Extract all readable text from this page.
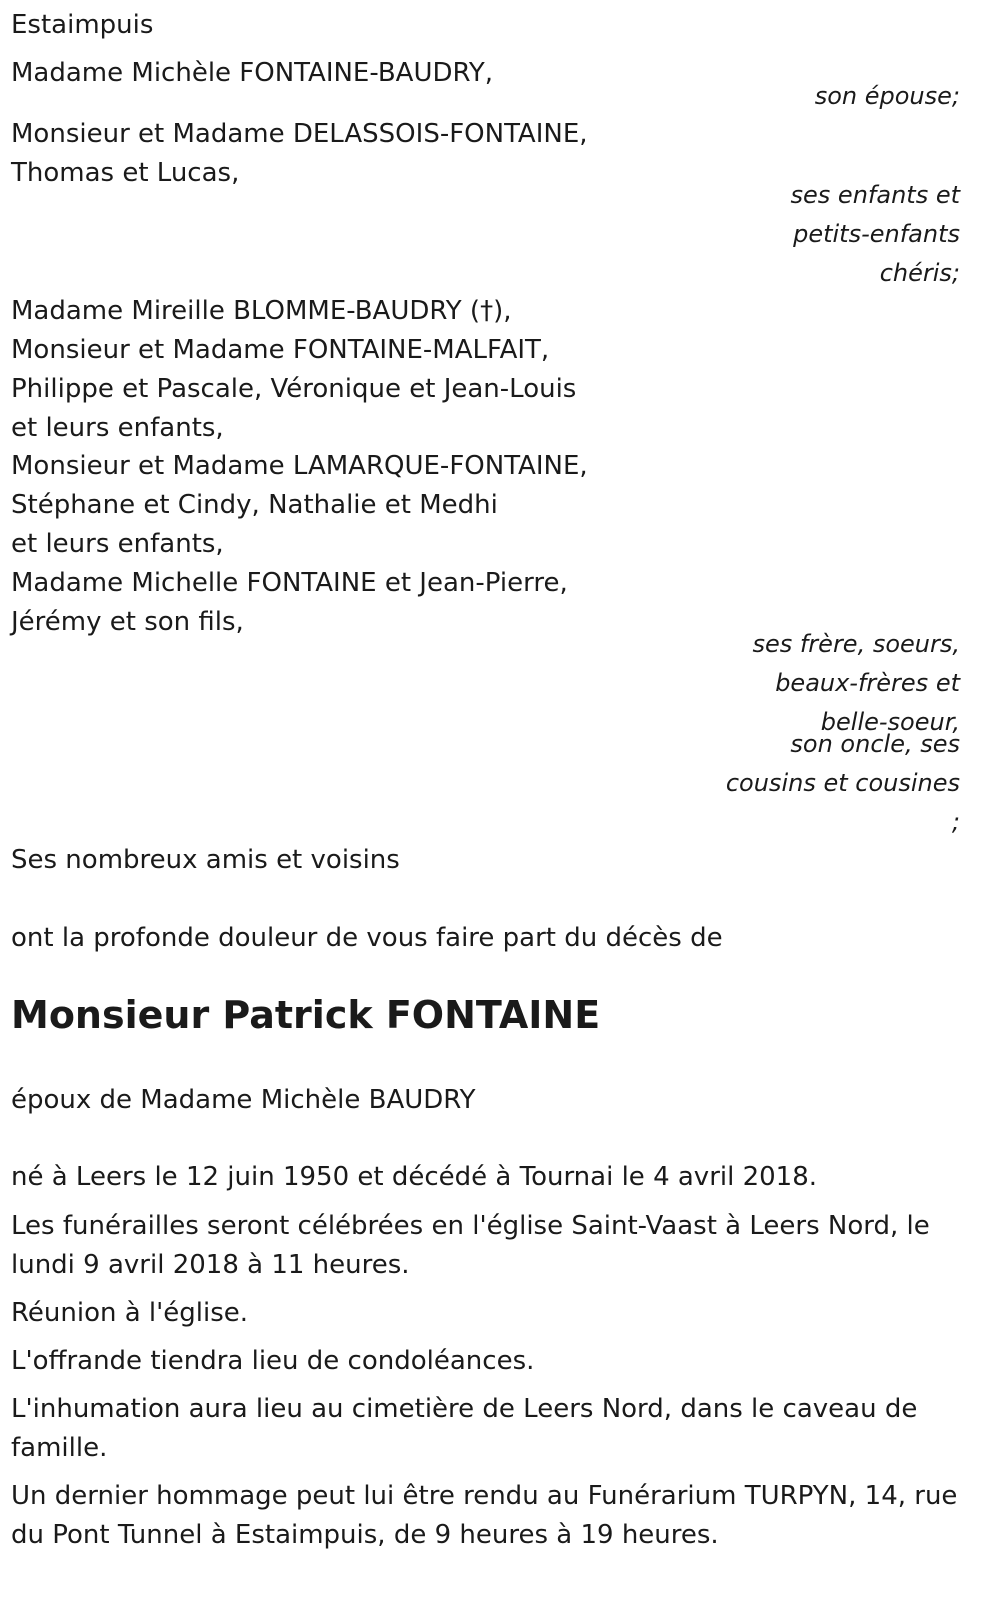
Estaimpuis
Madame Michèle FONTAINE-BAUDRY,
son épouse;
Monsieur et Madame DELASSOIS-FONTAINE,
Thomas et Lucas,
ses enfants et
petits-enfants
chéris;
Madame Mireille BLOMME-BAUDRY (†),
Monsieur et Madame FONTAINE-MALFAIT,
Philippe et Pascale, Véronique et Jean-Louis
et leurs enfants,
Monsieur et Madame LAMARQUE-FONTAINE,
Stéphane et Cindy, Nathalie et Medhi
et leurs enfants,
Madame Michelle FONTAINE et Jean-Pierre,
Jérémy et son fils,
ses frère, soeurs,
beaux-frères et
belle-soeur,
son oncle, ses
cousins et cousines
;
Ses nombreux amis et voisins
ont la profonde douleur de vous faire part du décès de
Monsieur Patrick FONTAINE
époux de Madame Michèle BAUDRY
né à Leers le 12 juin 1950 et décédé à Tournai le 4 avril 2018.
Les funérailles seront célébrées en l'église Saint-Vaast à Leers Nord, le
lundi 9 avril 2018 à 11 heures.
Réunion à l'église.
L'offrande tiendra lieu de condoléances.
L'inhumation aura lieu au cimetière de Leers Nord, dans le caveau de
famille.
Un dernier hommage peut lui être rendu au Funérarium TURPYN, 14, rue
du Pont Tunnel à Estaimpuis, de 9 heures à 19 heures.
